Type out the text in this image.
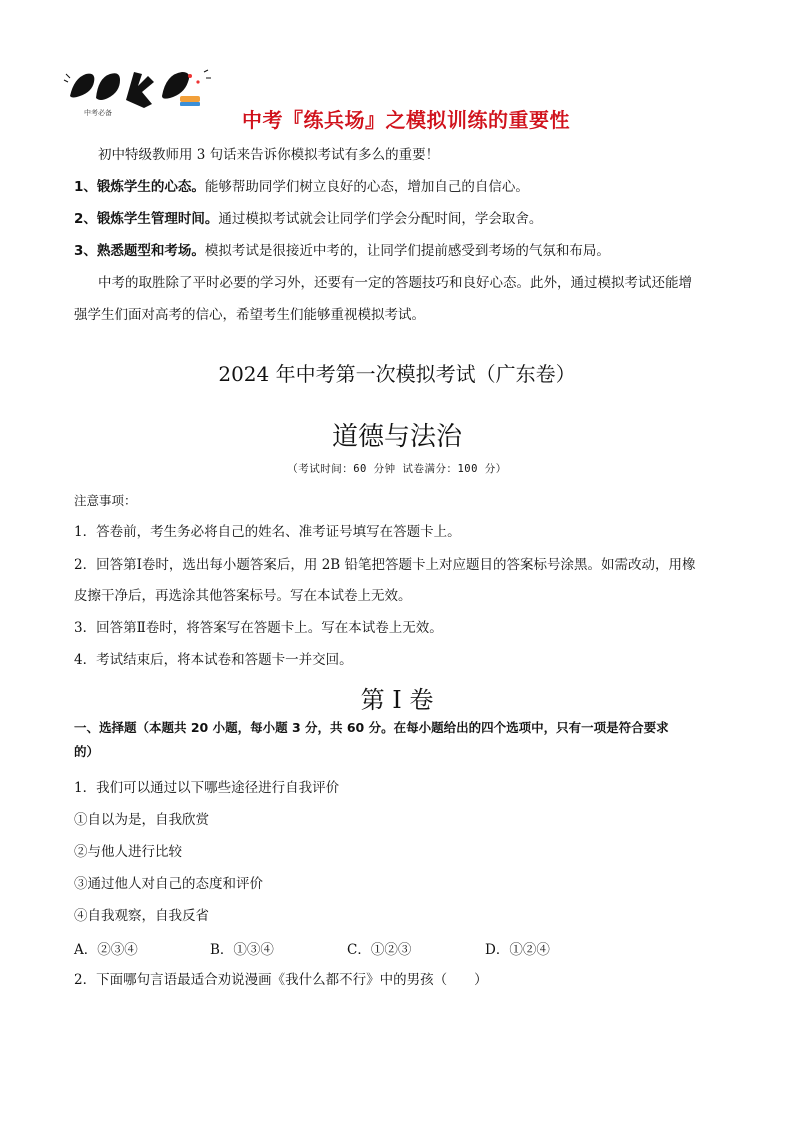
中考必备	中考『练兵场』之模拟训练的重要性
初中特级教师用 3 句话来告诉你模拟考试有多么的重要！
1、锻炼学生的心态。能够帮助同学们树立良好的心态，增加自己的自信心。
2、锻炼学生管理时间。通过模拟考试就会让同学们学会分配时间，学会取舍。
3、熟悉题型和考场。模拟考试是很接近中考的，让同学们提前感受到考场的气氛和布局。
中考的取胜除了平时必要的学习外，还要有一定的答题技巧和良好心态。此外，通过模拟考试还能增
强学生们面对高考的信心，希望考生们能够重视模拟考试。
2024 年中考第一次模拟考试（广东卷）
道德与法治
（考试时间：60 分钟 试卷满分：100 分）
注意事项：
1．答卷前，考生务必将自己的姓名、准考证号填写在答题卡上。
2．回答第Ⅰ卷时，选出每小题答案后，用 2B 铅笔把答题卡上对应题目的答案标号涂黑。如需改动，用橡
皮擦干净后，再选涂其他答案标号。写在本试卷上无效。
3．回答第Ⅱ卷时，将答案写在答题卡上。写在本试卷上无效。
4．考试结束后，将本试卷和答题卡一并交回。
第 I 卷
一、选择题（本题共 20 小题，每小题 3 分，共 60 分。在每小题给出的四个选项中，只有一项是符合要求
的）
1．我们可以通过以下哪些途径进行自我评价
①自以为是，自我欣赏
②与他人进行比较
③通过他人对自己的态度和评价
④自我观察，自我反省
A．②③④	B．①③④	C．①②③	D．①②④
2．下面哪句言语最适合劝说漫画《我什么都不行》中的男孩（　　）
